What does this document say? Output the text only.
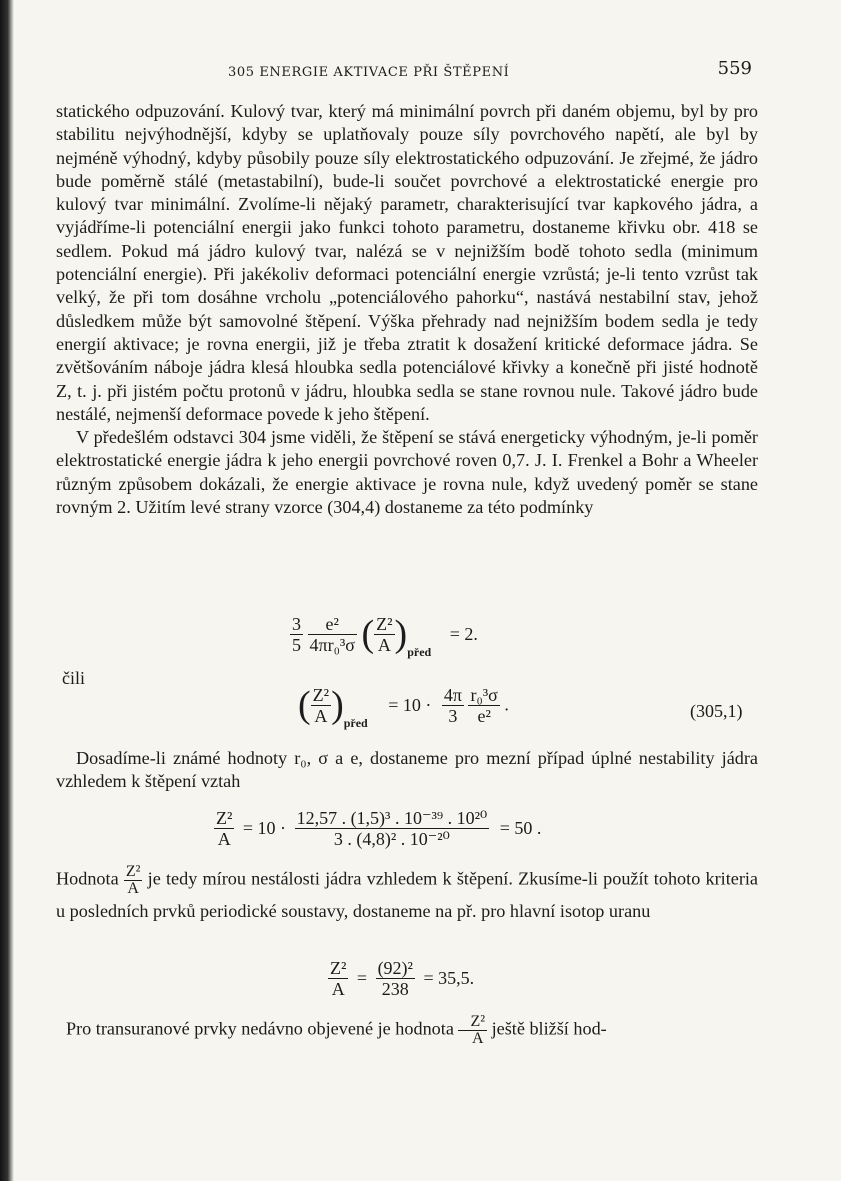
305 ENERGIE AKTIVACE PŘI ŠTĚPENÍ	559

statického odpuzování. Kulový tvar, který má minimální povrch při daném objemu, byl by pro stabilitu nejvýhodnější, kdyby se uplatňovaly pouze síly povrchového napětí, ale byl by nejméně výhodný, kdyby působily pouze síly elektrostatického odpuzování. Je zřejmé, že jádro bude poměrně stálé (metastabilní), bude-li součet povrchové a elektrostatické energie pro kulový tvar minimální. Zvolíme-li nějaký parametr, charakterisující tvar kapkového jádra, a vyjádříme-li potenciální energii jako funkci tohoto parametru, dostaneme křivku obr. 418 se sedlem. Pokud má jádro kulový tvar, nalézá se v nejnižším bodě tohoto sedla (minimum potenciální energie). Při jakékoliv deformaci potenciální energie vzrůstá; je-li tento vzrůst tak velký, že při tom dosáhne vrcholu „potenciálového pahorku“, nastává nestabilní stav, jehož důsledkem může být samovolné štěpení. Výška přehrady nad nejnižším bodem sedla je tedy energií aktivace; je rovna energii, již je třeba ztratit k dosažení kritické deformace jádra. Se zvětšováním náboje jádra klesá hloubka sedla potenciálové křivky a konečně při jisté hodnotě Z, t. j. při jistém počtu protonů v jádru, hloubka sedla se stane rovnou nule. Takové jádro bude nestálé, nejmenší deformace povede k jeho štěpení.

V předešlém odstavci 304 jsme viděli, že štěpení se stává energeticky výhodným, je-li poměr elektrostatické energie jádra k jeho energii povrchové roven 0,7. J. I. Frenkel a Bohr a Wheeler různým způsobem dokázali, že energie aktivace je rovna nule, když uvedený poměr se stane rovným 2. Užitím levé strany vzorce (304,4) dostaneme za této podmínky

$\frac{3}{5}$
$\frac{\text{e²}}{\text{4πr₀³σ}}$ ( $\frac{\text{Z²}}{A} )_{před} = 2$.
čili
( $\frac{\text{Z²}}{A} )_{před} = 10 \cdot \frac{4\pi}{3}$
$\frac{\text{r₀³σ}}{\text{e²}}$ .	(305,1)

Dosadíme-li známé hodnoty r₀, σ a e, dostaneme pro mezní případ úplné nestability jádra vzhledem k štěpení vztah

$\frac{\text{Z²}}{A} = 10 \cdot \frac{\text{12,57 . (1,5)³ . 10⁻³⁹ . 10²⁰}}{\text{3 . (4,8)² . 10⁻²⁰}} = 50$ .

Hodnota $\frac{\text{Z²}}{A}$ je tedy mírou nestálosti jádra vzhledem k štěpení. Zkusíme-li použít tohoto kriteria u posledních prvků periodické soustavy, dostaneme na př. pro hlavní isotop uranu

$\frac{\text{Z²}}{A} = \frac{\text{(92)²}}{238} = 35,5$.

Pro transuranové prvky nedávno objevené je hodnota $\frac{\text{Z²}}{A}$ ještě bližší hod-
